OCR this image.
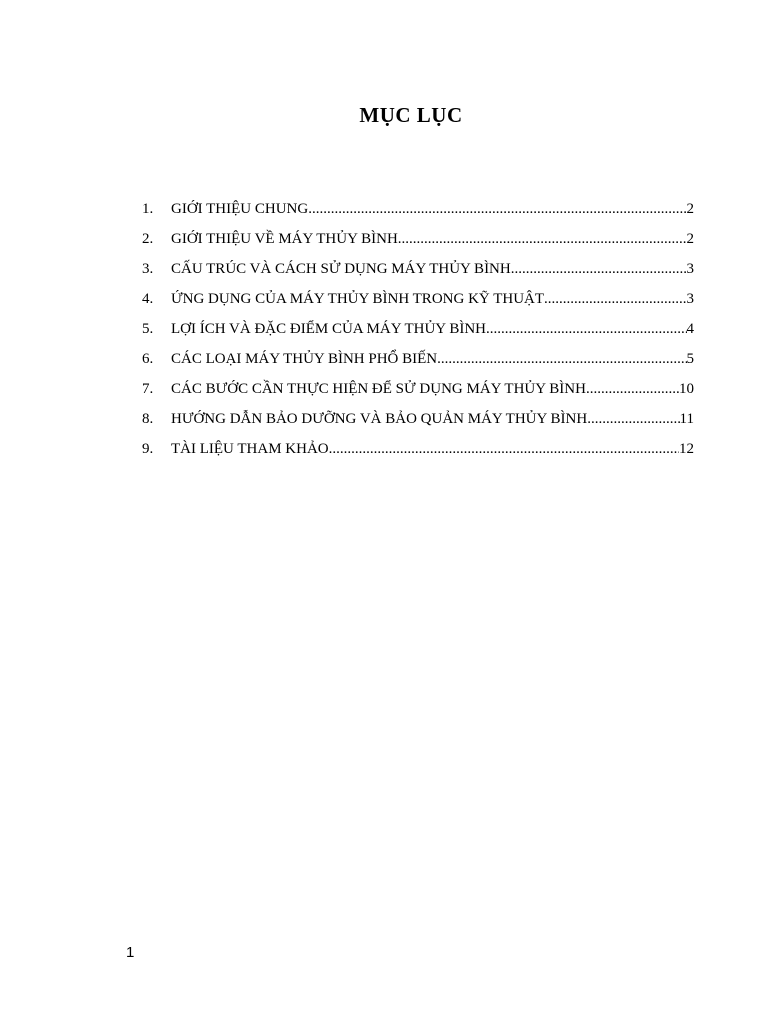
MỤC LỤC
1.	GIỚI THIỆU CHUNG .....	2
2.	GIỚI THIỆU VỀ MÁY THỦY BÌNH .....	2
3.	CẤU TRÚC VÀ CÁCH SỬ DỤNG MÁY THỦY BÌNH .....	3
4.	ỨNG DỤNG CỦA MÁY THỦY BÌNH TRONG KỸ THUẬT .....	3
5.	LỢI ÍCH VÀ ĐẶC ĐIỂM CỦA MÁY THỦY BÌNH .....	4
6.	CÁC LOẠI MÁY THỦY BÌNH PHỔ BIẾN .....	5
7.	CÁC BƯỚC CẦN THỰC HIỆN ĐỂ SỬ DỤNG MÁY THỦY BÌNH .....	10
8.	HƯỚNG DẪN BẢO DƯỠNG VÀ BẢO QUẢN MÁY THỦY BÌNH .....	11
9.	TÀI LIỆU THAM KHẢO .....	12
1
